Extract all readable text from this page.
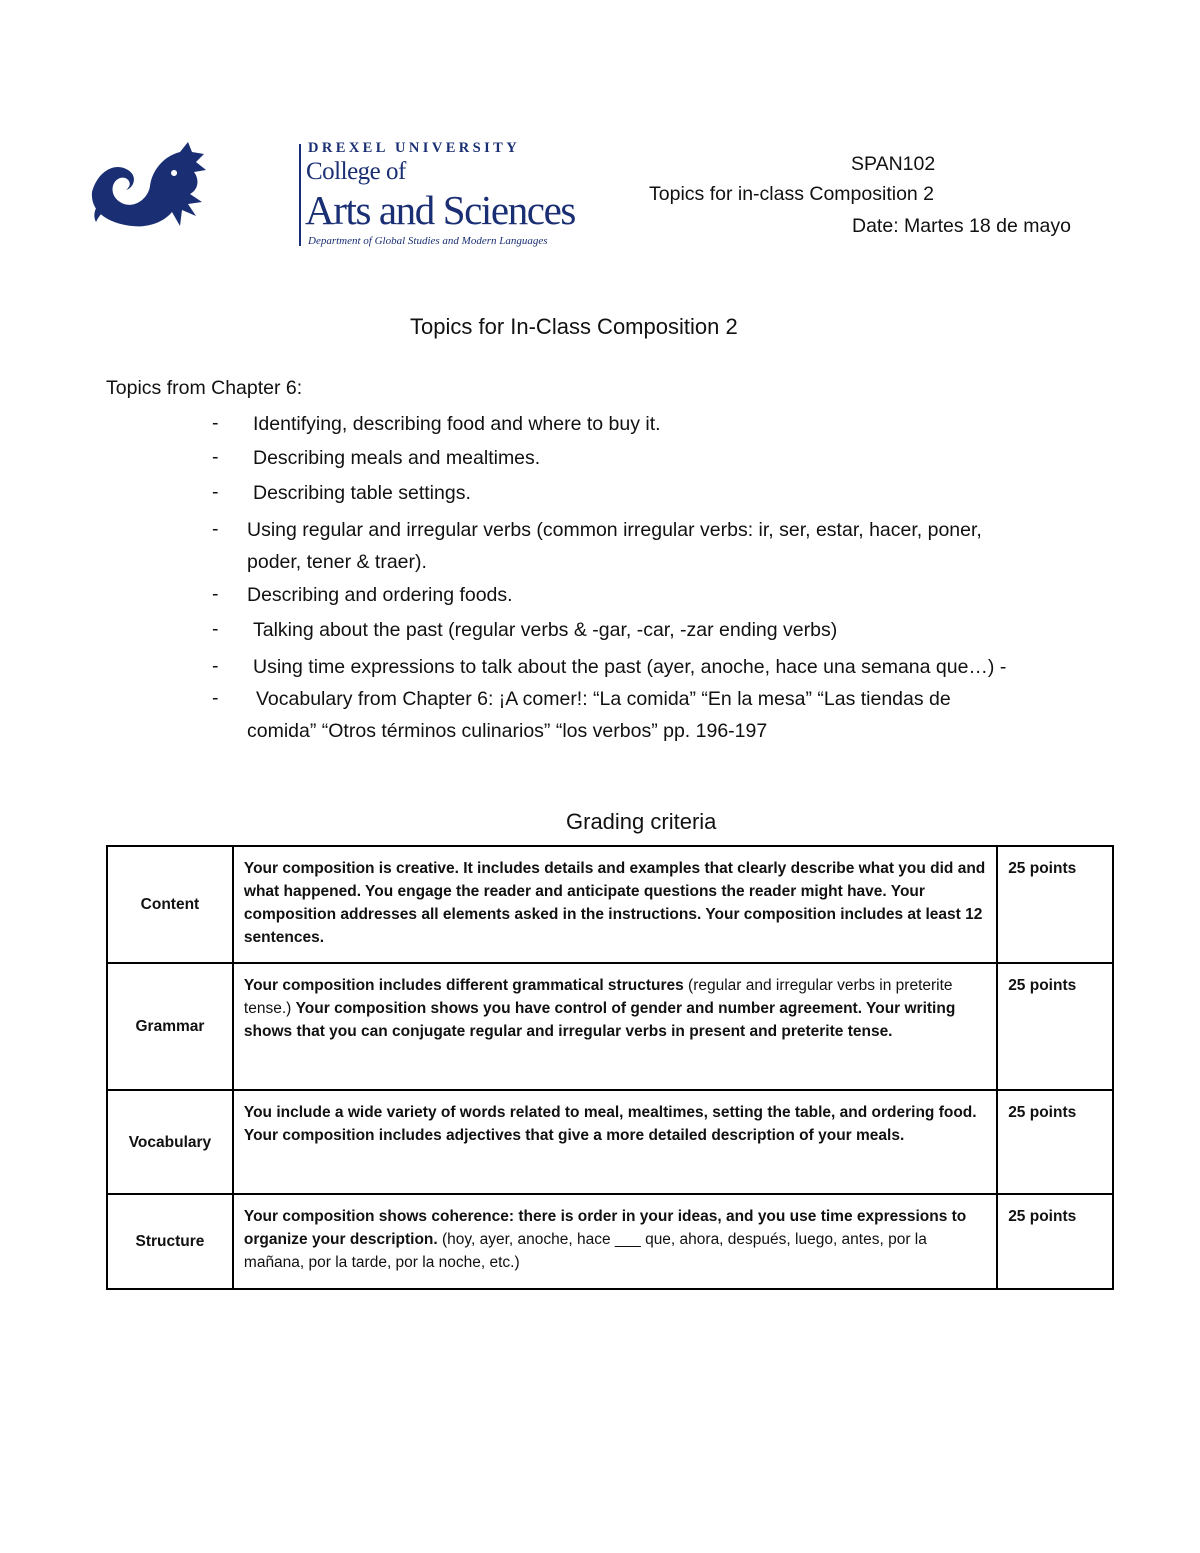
DREXEL UNIVERSITY
College of
Arts and Sciences
Department of Global Studies and Modern Languages
SPAN102
Topics for in-class Composition 2
Date: Martes 18 de mayo
Topics for In-Class Composition 2
Topics from Chapter 6:
- Identifying, describing food and where to buy it.
- Describing meals and mealtimes.
- Describing table settings.
- Using regular and irregular verbs (common irregular verbs: ir, ser, estar, hacer, poner,
poder, tener & traer).
- Describing and ordering foods.
- Talking about the past (regular verbs & -gar, -car, -zar ending verbs)
- Using time expressions to talk about the past (ayer, anoche, hace una semana que…) -
- Vocabulary from Chapter 6: ¡A comer!: “La comida” “En la mesa” “Las tiendas de
comida” “Otros términos culinarios” “los verbos” pp. 196-197
Grading criteria
Content	Your composition is creative. It includes details and examples that clearly describe what you did and what happened. You engage the reader and anticipate questions the reader might have. Your composition addresses all elements asked in the instructions. Your composition includes at least 12 sentences.	25 points
Grammar	Your composition includes different grammatical structures (regular and irregular verbs in preterite tense.) Your composition shows you have control of gender and number agreement. Your writing shows that you can conjugate regular and irregular verbs in present and preterite tense.	25 points
Vocabulary	You include a wide variety of words related to meal, mealtimes, setting the table, and ordering food. Your composition includes adjectives that give a more detailed description of your meals.	25 points
Structure	Your composition shows coherence: there is order in your ideas, and you use time expressions to organize your description. (hoy, ayer, anoche, hace ___ que, ahora, después, luego, antes, por la mañana, por la tarde, por la noche, etc.)	25 points
